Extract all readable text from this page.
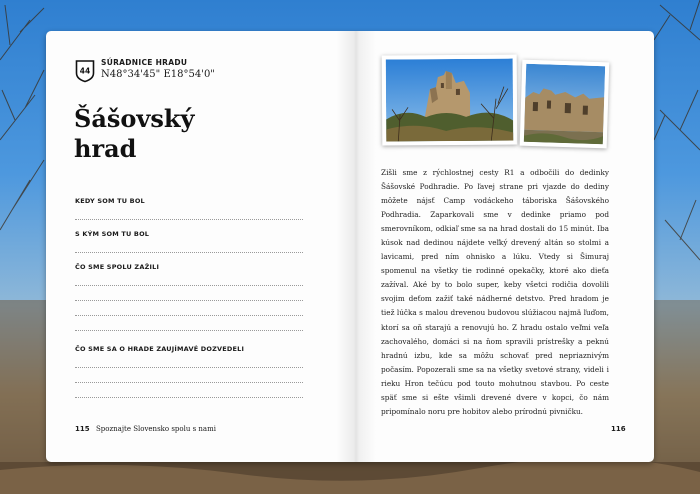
44
SÚRADNICE HRADU
N48°34'45" E18°54'0"
Šášovský
hrad
KEDY SOM TU BOL
S KÝM SOM TU BOL
ČO SME SPOLU ZAŽILI
ČO SME SA O HRADE ZAUJÍMAVÉ DOZVEDELI
115 Spoznajte Slovensko spolu s nami

Zišli sme z rýchlostnej cesty R1 a odbočili do dedinky Šášovské Podhradie. Po ľavej strane pri vjazde do dediny môžete nájsť Camp vodáckeho táboriska Šášovského Podhradia. Zaparkovali sme v dedinke priamo pod smerovníkom, odkiaľ sme sa na hrad dostali do 15 minút. Iba kúsok nad dedinou nájdete veľký drevený altán so stolmi a lavicami, pred ním ohnisko a lúku. Vtedy si Šimuraj spomenul na všetky tie rodinné opekačky, ktoré ako dieťa zažíval. Aké by to bolo super, keby všetci rodičia dovolili svojim deťom zažiť také nádherné detstvo. Pred hradom je tiež lúčka s malou drevenou budovou slúžiacou najmä ľuďom, ktorí sa oň starajú a renovujú ho. Z hradu ostalo veľmi veľa zachovalého, domáci si na ňom spravili prístrešky a peknú hradnú izbu, kde sa môžu schovať pred nepriaznivým počasím. Popozerali sme sa na všetky svetové strany, videli i rieku Hron tečúcu pod touto mohutnou stavbou. Po ceste späť sme si ešte všimli drevené dvere v kopci, čo nám pripomínalo noru pre hobitov alebo prírodnú pivničku.

116
